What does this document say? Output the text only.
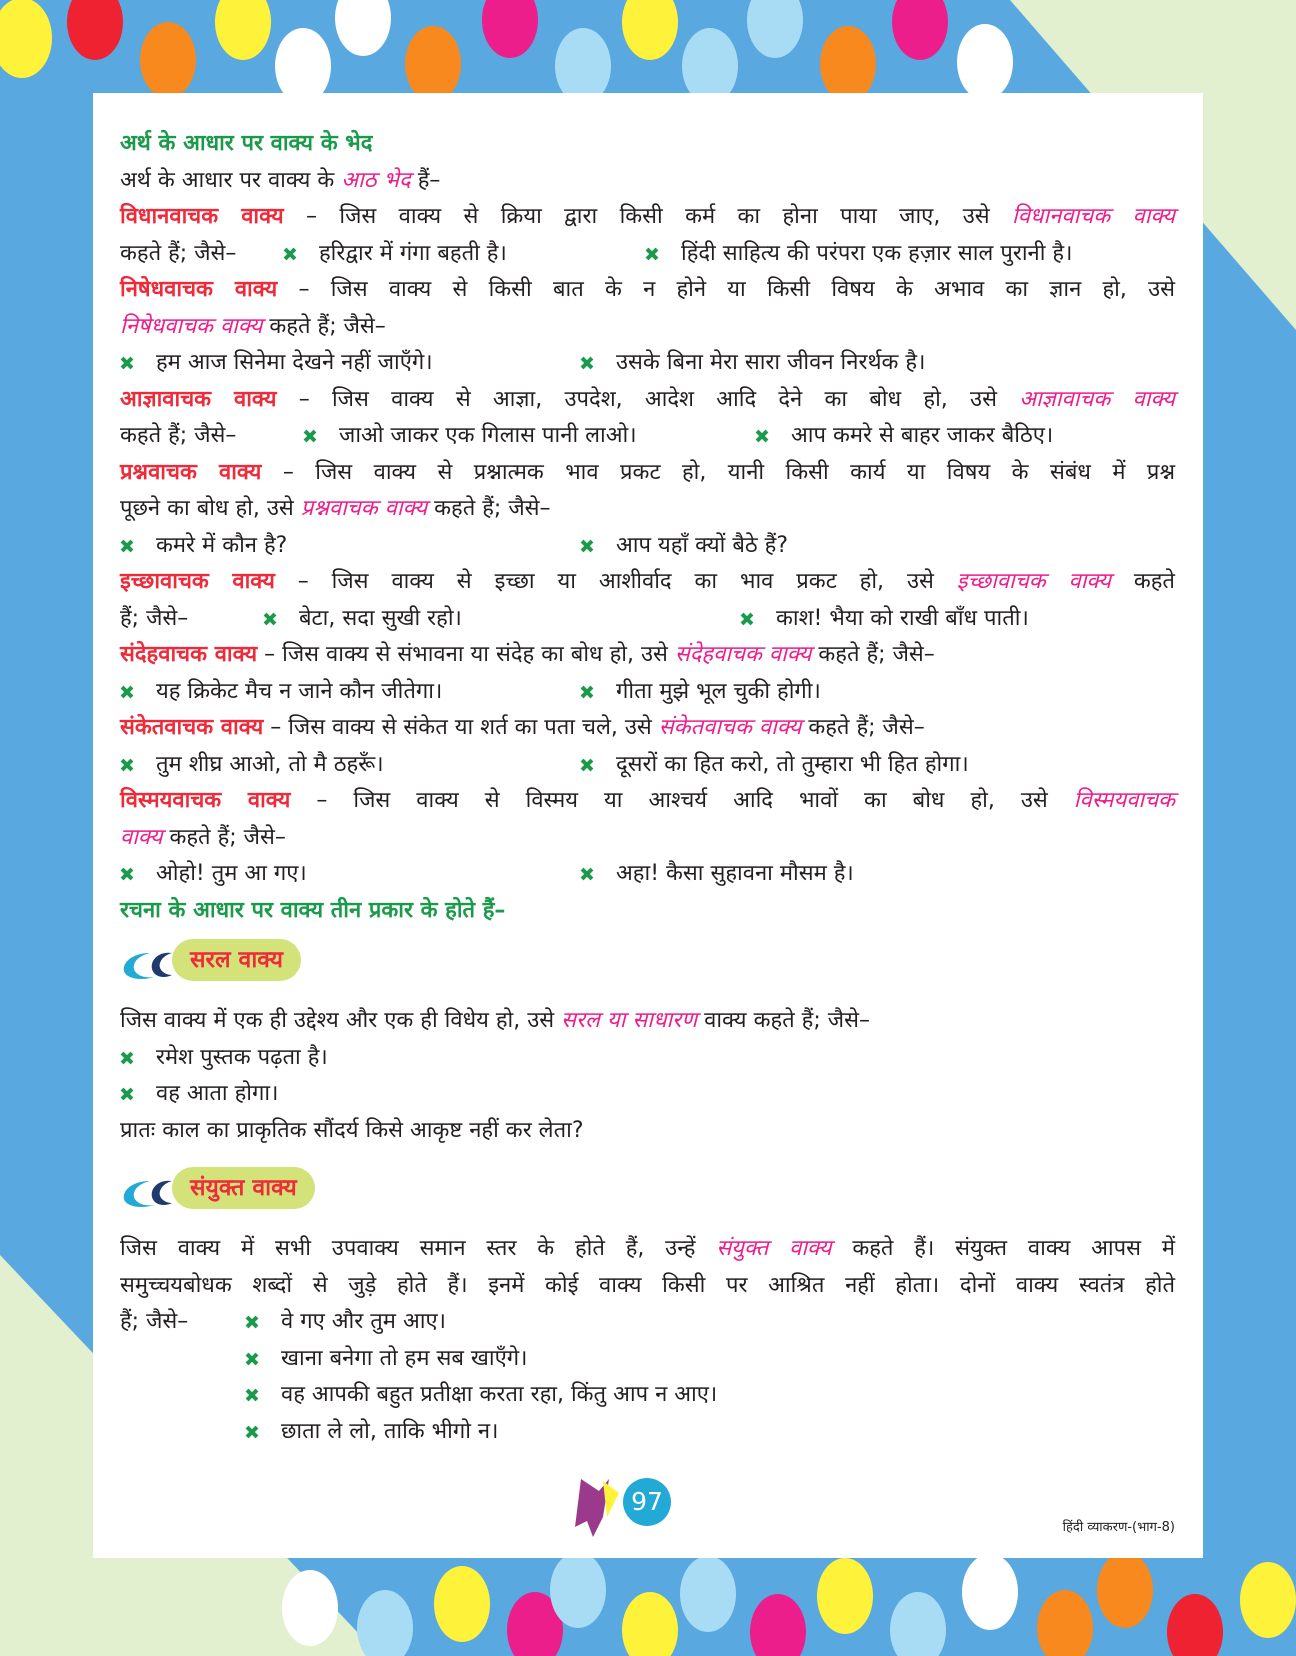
अर्थ के आधार पर वाक्य के भेद
अर्थ के आधार पर वाक्य के आठ भेद हैं–
विधानवाचक वाक्य – जिस वाक्य से क्रिया द्वारा किसी कर्म का होना पाया जाए, उसे विधानवाचक वाक्य
कहते हैं; जैसे–	हरिद्वार में गंगा बहती है।	हिंदी साहित्य की परंपरा एक हज़ार साल पुरानी है।
निषेधवाचक वाक्य – जिस वाक्य से किसी बात के न होने या किसी विषय के अभाव का ज्ञान हो, उसे
निषेधवाचक वाक्य कहते हैं; जैसे–
हम आज सिनेमा देखने नहीं जाएँगे।	उसके बिना मेरा सारा जीवन निरर्थक है।
आज्ञावाचक वाक्य – जिस वाक्य से आज्ञा, उपदेश, आदेश आदि देने का बोध हो, उसे आज्ञावाचक वाक्य
कहते हैं; जैसे–	जाओ जाकर एक गिलास पानी लाओ।	आप कमरे से बाहर जाकर बैठिए।
प्रश्नवाचक वाक्य – जिस वाक्य से प्रश्नात्मक भाव प्रकट हो, यानी किसी कार्य या विषय के संबंध में प्रश्न
पूछने का बोध हो, उसे प्रश्नवाचक वाक्य कहते हैं; जैसे–
कमरे में कौन है?	आप यहाँ क्यों बैठे हैं?
इच्छावाचक वाक्य – जिस वाक्य से इच्छा या आशीर्वाद का भाव प्रकट हो, उसे इच्छावाचक वाक्य कहते
हैं; जैसे–	बेटा, सदा सुखी रहो।	काश! भैया को राखी बाँध पाती।
संदेहवाचक वाक्य – जिस वाक्य से संभावना या संदेह का बोध हो, उसे संदेहवाचक वाक्य कहते हैं; जैसे–
यह क्रिकेट मैच न जाने कौन जीतेगा।	गीता मुझे भूल चुकी होगी।
संकेतवाचक वाक्य – जिस वाक्य से संकेत या शर्त का पता चले, उसे संकेतवाचक वाक्य कहते हैं; जैसे–
तुम शीघ्र आओ, तो मै ठहरूँ।	दूसरों का हित करो, तो तुम्हारा भी हित होगा।
विस्मयवाचक वाक्य – जिस वाक्य से विस्मय या आश्चर्य आदि भावों का बोध हो, उसे विस्मयवाचक
वाक्य कहते हैं; जैसे–
ओहो! तुम आ गए।	अहा! कैसा सुहावना मौसम है।
रचना के आधार पर वाक्य तीन प्रकार के होते हैं–
सरल वाक्य
जिस वाक्य में एक ही उद्देश्य और एक ही विधेय हो, उसे सरल या साधारण वाक्य कहते हैं; जैसे–
रमेश पुस्तक पढ़ता है।
वह आता होगा।
प्रातः काल का प्राकृतिक सौंदर्य किसे आकृष्ट नहीं कर लेता?
संयुक्त वाक्य
जिस वाक्य में सभी उपवाक्य समान स्तर के होते हैं, उन्हें संयुक्त वाक्य कहते हैं। संयुक्त वाक्य आपस में
समुच्चयबोधक शब्दों से जुड़े होते हैं। इनमें कोई वाक्य किसी पर आश्रित नहीं होता। दोनों वाक्य स्वतंत्र होते
हैं; जैसे–	वे गए और तुम आए।
खाना बनेगा तो हम सब खाएँगे।
वह आपकी बहुत प्रतीक्षा करता रहा, किंतु आप न आए।
छाता ले लो, ताकि भीगो न।
97
हिंदी व्याकरण-(भाग-8)
